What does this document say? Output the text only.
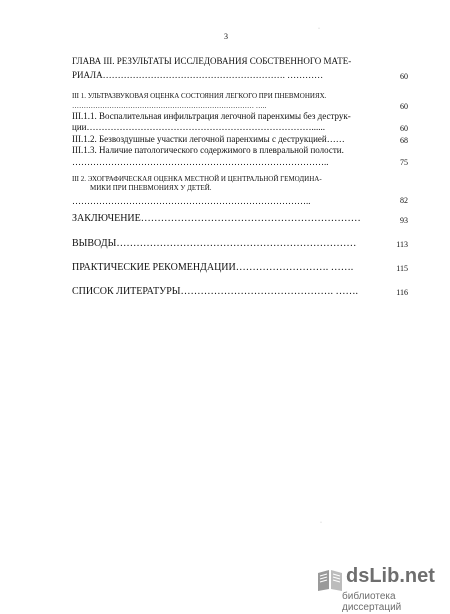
3
ГЛАВА III. РЕЗУЛЬТАТЫ ИССЛЕДОВАНИЯ СОБСТВЕННОГО МАТЕ-
РИАЛА……………………………………………………. …………	60
III 1. УЛЬТРАЗВУКОВАЯ ОЦЕНКА СОСТОЯНИЯ ЛЕГКОГО ПРИ ПНЕВМОНИЯХ.
…………………………………………………………………… …..	60
III.1.1. Воспалительная инфильтрация легочной паренхимы без деструк-
ции…………………………………………………………………......	60
III.1.2. Безвоздушные участки легочной паренхимы с деструкцией……	68
III.1.3. Наличие патологического содержимого в плевральной полости.
…………………………………………………………………………..	75
III 2. ЭХОГРАФИЧЕСКАЯ ОЦЕНКА МЕСТНОЙ И ЦЕНТРАЛЬНОЙ ГЕМОДИНА-
МИКИ ПРИ ПНЕВМОНИЯХ У ДЕТЕЙ.
……………………………………………………………………..	82
ЗАКЛЮЧЕНИЕ…………………………………………………………	93
ВЫВОДЫ………………………………………………………………	113
ПРАКТИЧЕСКИЕ РЕКОМЕНДАЦИИ………………………. …….	115
СПИСОК ЛИТЕРАТУРЫ………………………………………. …….	116
·
·
dsLib.net
библиотека диссертаций
